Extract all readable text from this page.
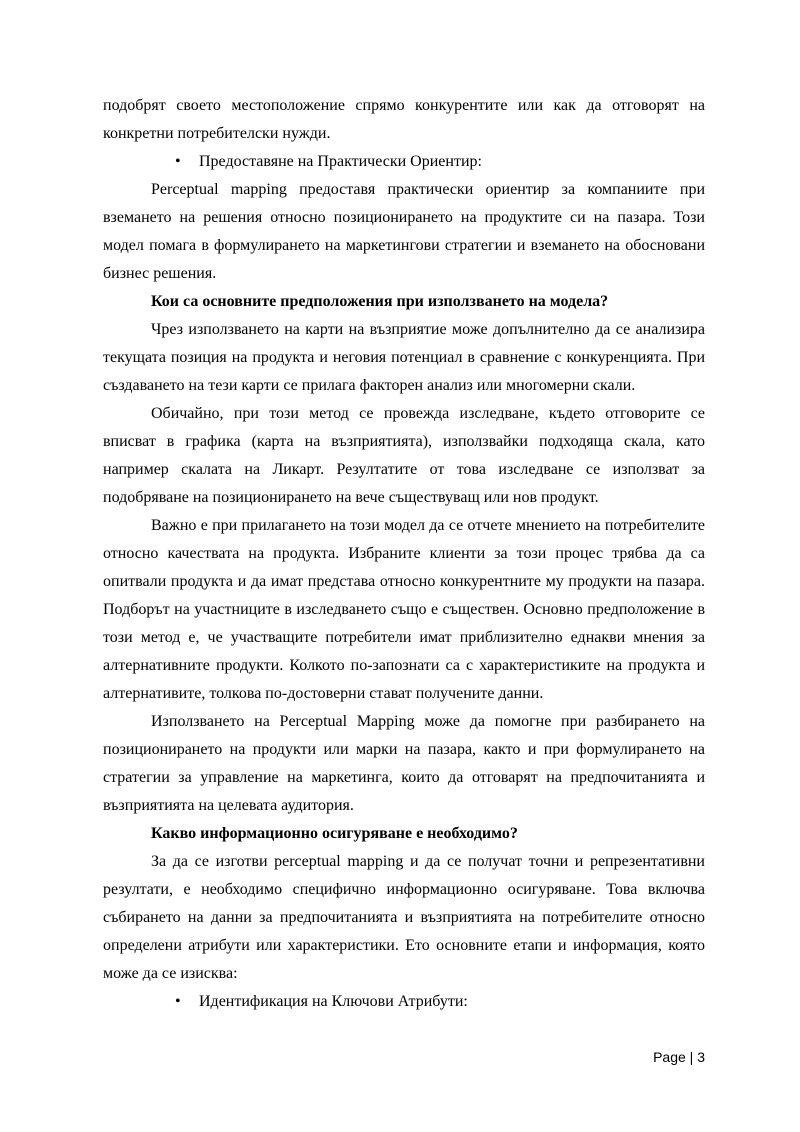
подобрят своето местоположение спрямо конкурентите или как да отговорят на конкретни потребителски нужди.

• Предоставяне на Практически Ориентир:

Perceptual mapping предоставя практически ориентир за компаниите при вземането на решения относно позиционирането на продуктите си на пазара. Този модел помага в формулирането на маркетингови стратегии и вземането на обосновани бизнес решения.

Кои са основните предположения при използването на модела?

Чрез използването на карти на възприятие може допълнително да се анализира текущата позиция на продукта и неговия потенциал в сравнение с конкуренцията. При създаването на тези карти се прилага факторен анализ или многомерни скали.

Обичайно, при този метод се провежда изследване, където отговорите се вписват в графика (карта на възприятията), използвайки подходяща скала, като например скалата на Ликарт. Резултатите от това изследване се използват за подобряване на позиционирането на вече съществуващ или нов продукт.

Важно е при прилагането на този модел да се отчете мнението на потребителите относно качествата на продукта. Избраните клиенти за този процес трябва да са опитвали продукта и да имат представа относно конкурентните му продукти на пазара. Подборът на участниците в изследването също е съществен. Основно предположение в този метод е, че участващите потребители имат приблизително еднакви мнения за алтернативните продукти. Колкото по-запознати са с характеристиките на продукта и алтернативите, толкова по-достоверни стават получените данни.

Използването на Perceptual Mapping може да помогне при разбирането на позиционирането на продукти или марки на пазара, както и при формулирането на стратегии за управление на маркетинга, които да отговарят на предпочитанията и възприятията на целевата аудитория.

Какво информационно осигуряване е необходимо?

За да се изготви perceptual mapping и да се получат точни и репрезентативни резултати, е необходимо специфично информационно осигуряване. Това включва събирането на данни за предпочитанията и възприятията на потребителите относно определени атрибути или характеристики. Ето основните етапи и информация, която може да се изисква:

• Идентификация на Ключови Атрибути:
Page | 3
